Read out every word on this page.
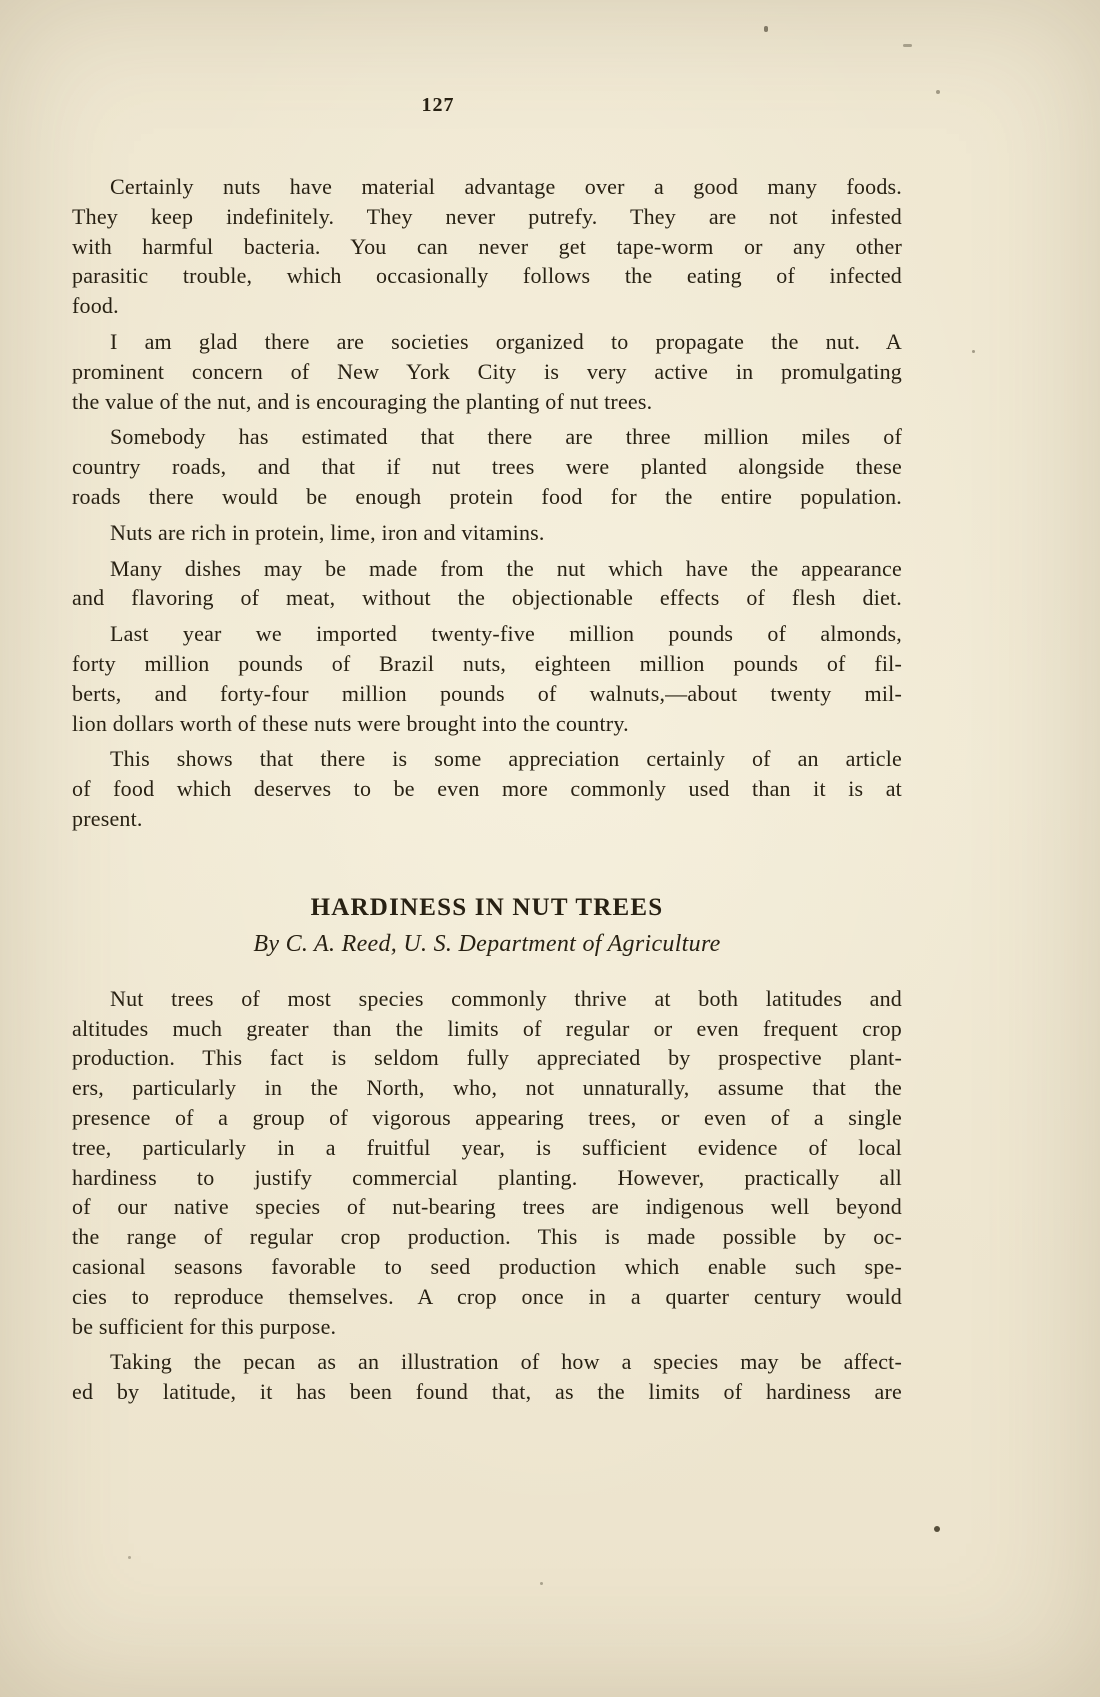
127
Certainly nuts have material advantage over a good many foods.
They keep indefinitely. They never putrefy. They are not infested
with harmful bacteria. You can never get tape-worm or any other
parasitic trouble, which occasionally follows the eating of infected
food.
I am glad there are societies organized to propagate the nut. A
prominent concern of New York City is very active in promulgating
the value of the nut, and is encouraging the planting of nut trees.
Somebody has estimated that there are three million miles of
country roads, and that if nut trees were planted alongside these
roads there would be enough protein food for the entire population.
Nuts are rich in protein, lime, iron and vitamins.
Many dishes may be made from the nut which have the appearance
and flavoring of meat, without the objectionable effects of flesh diet.
Last year we imported twenty-five million pounds of almonds,
forty million pounds of Brazil nuts, eighteen million pounds of fil-
berts, and forty-four million pounds of walnuts,—about twenty mil-
lion dollars worth of these nuts were brought into the country.
This shows that there is some appreciation certainly of an article
of food which deserves to be even more commonly used than it is at
present.
HARDINESS IN NUT TREES
By C. A. Reed, U. S. Department of Agriculture
Nut trees of most species commonly thrive at both latitudes and
altitudes much greater than the limits of regular or even frequent crop
production. This fact is seldom fully appreciated by prospective plant-
ers, particularly in the North, who, not unnaturally, assume that the
presence of a group of vigorous appearing trees, or even of a single
tree, particularly in a fruitful year, is sufficient evidence of local
hardiness to justify commercial planting. However, practically all
of our native species of nut-bearing trees are indigenous well beyond
the range of regular crop production. This is made possible by oc-
casional seasons favorable to seed production which enable such spe-
cies to reproduce themselves. A crop once in a quarter century would
be sufficient for this purpose.
Taking the pecan as an illustration of how a species may be affect-
ed by latitude, it has been found that, as the limits of hardiness are
